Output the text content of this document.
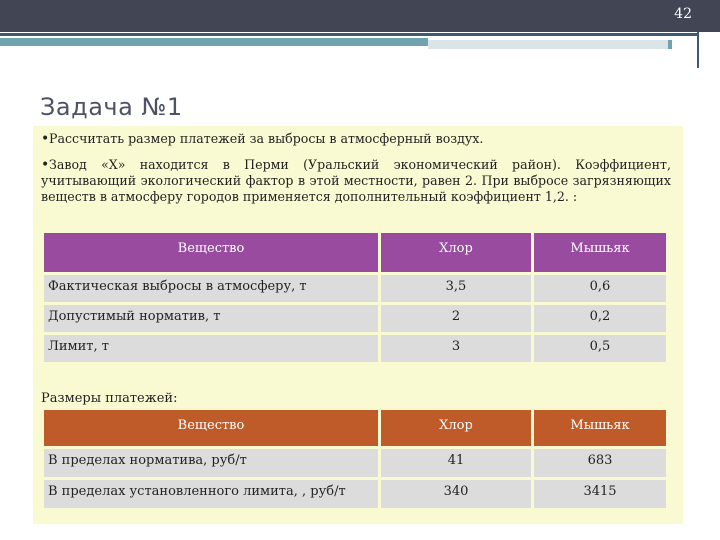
42
Задача №1
•Рассчитать размер платежей за выбросы в атмосферный воздух.
•Завод «Х» находится в Перми (Уральский экономический район). Коэффициент, учитывающий экологический фактор в этой местности, равен 2. При выбросе загрязняющих веществ в атмосферу городов применяется дополнительный коэффициент 1,2. :
Вещество	Хлор	Мышьяк
Фактическая выбросы в атмосферу, т	3,5	0,6
Допустимый норматив, т	2	0,2
Лимит, т	3	0,5
Размеры платежей:
Вещество	Хлор	Мышьяк
В пределах норматива, руб/т	41	683
В пределах установленного лимита, , руб/т	340	3415
